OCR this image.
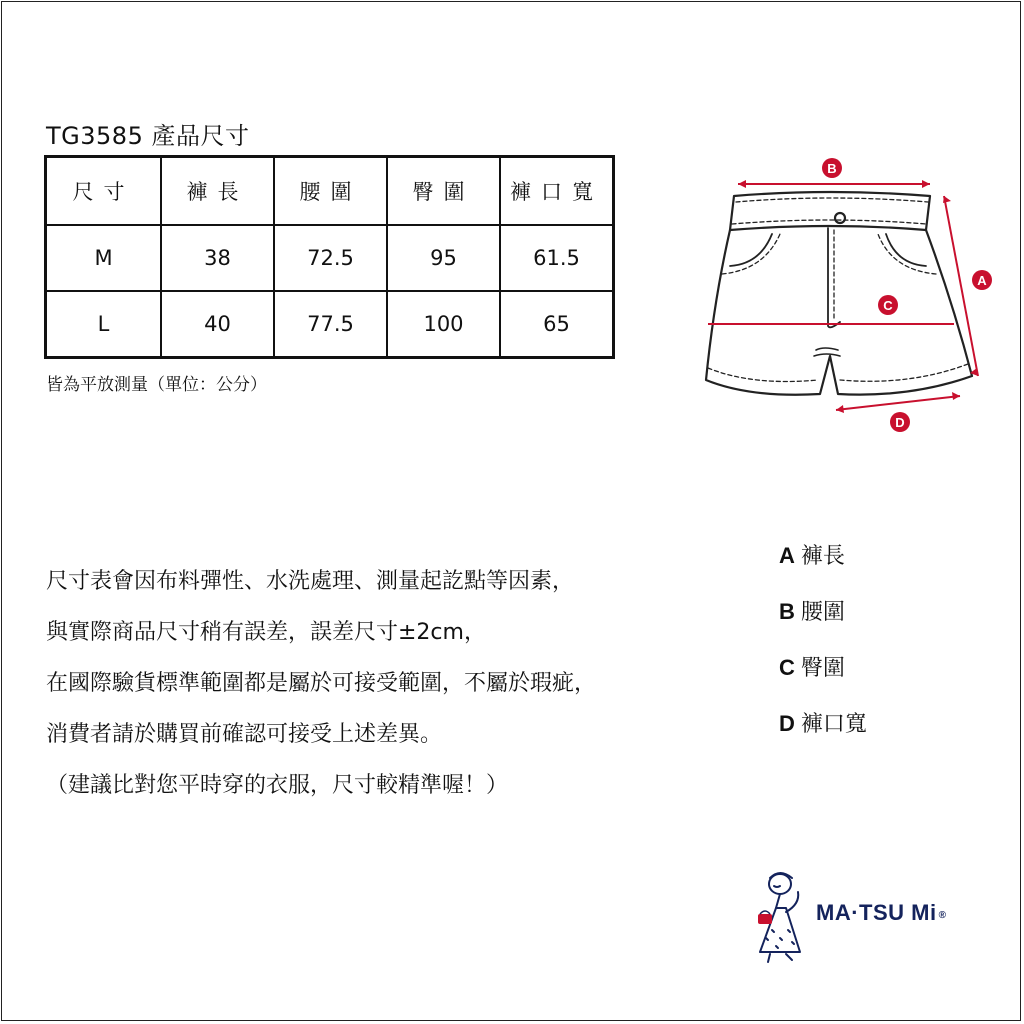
TG3585 產品尺寸
尺寸	褲長	腰圍	臀圍	褲口寬
M	38	72.5	95	61.5
L	40	77.5	100	65
皆為平放測量（單位：公分）
B
A
C
D
尺寸表會因布料彈性、水洗處理、測量起訖點等因素，
與實際商品尺寸稍有誤差，誤差尺寸±2cm，
在國際驗貨標準範圍都是屬於可接受範圍，不屬於瑕疵，
消費者請於購買前確認可接受上述差異。
（建議比對您平時穿的衣服，尺寸較精準喔！）
A 褲長
B 腰圍
C 臀圍
D 褲口寬
MA·TSU Mi ®
